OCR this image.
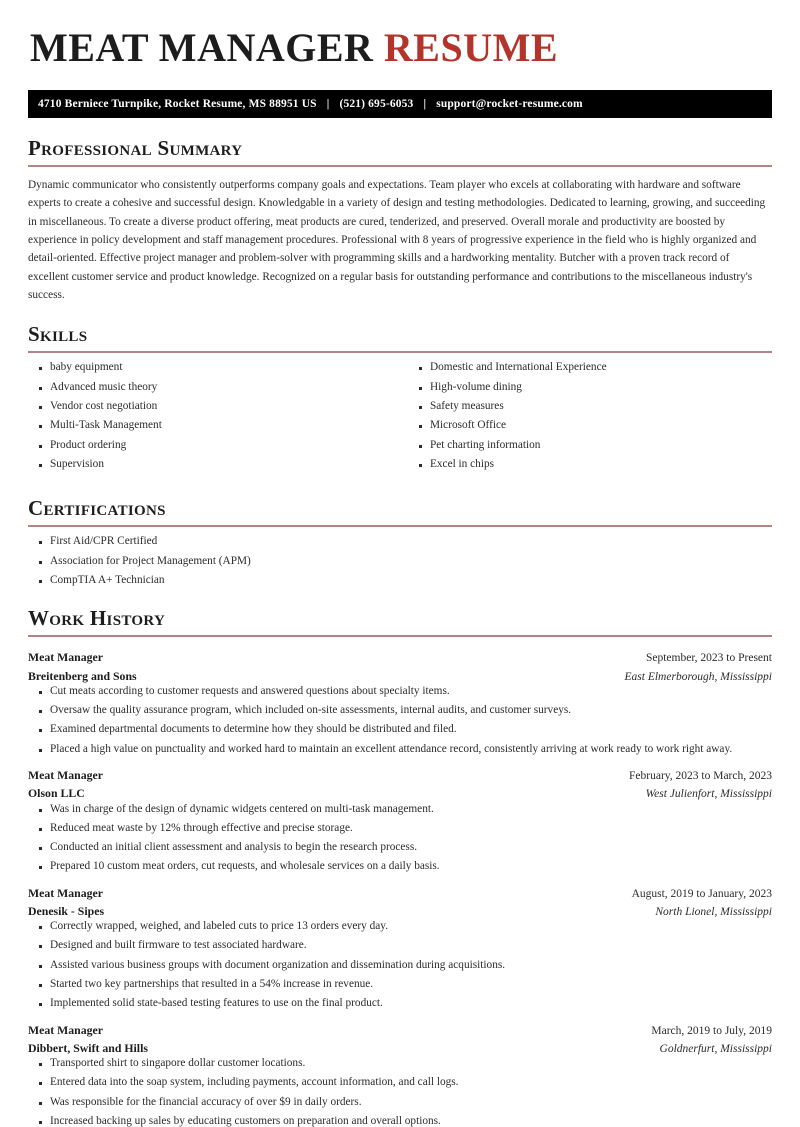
MEAT MANAGER RESUME
4710 Berniece Turnpike, Rocket Resume, MS 88951 US | (521) 695-6053 | support@rocket-resume.com
Professional Summary

Dynamic communicator who consistently outperforms company goals and expectations. Team player who excels at collaborating with hardware and software experts to create a cohesive and successful design. Knowledgable in a variety of design and testing methodologies. Dedicated to learning, growing, and succeeding in miscellaneous. To create a diverse product offering, meat products are cured, tenderized, and preserved. Overall morale and productivity are boosted by experience in policy development and staff management procedures. Professional with 8 years of progressive experience in the field who is highly organized and detail-oriented. Effective project manager and problem-solver with programming skills and a hardworking mentality. Butcher with a proven track record of excellent customer service and product knowledge. Recognized on a regular basis for outstanding performance and contributions to the miscellaneous industry's success.

Skills
baby equipment
Advanced music theory
Vendor cost negotiation
Multi-Task Management
Product ordering
Supervision
Domestic and International Experience
High-volume dining
Safety measures
Microsoft Office
Pet charting information
Excel in chips
Certifications
First Aid/CPR Certified
Association for Project Management (APM)
CompTIA A+ Technician
Work History
Meat Manager	September, 2023 to Present
Breitenberg and Sons	East Elmerborough, Mississippi
Cut meats according to customer requests and answered questions about specialty items.
Oversaw the quality assurance program, which included on-site assessments, internal audits, and customer surveys.
Examined departmental documents to determine how they should be distributed and filed.
Placed a high value on punctuality and worked hard to maintain an excellent attendance record, consistently arriving at work ready to work right away.
Meat Manager	February, 2023 to March, 2023
Olson LLC	West Julienfort, Mississippi
Was in charge of the design of dynamic widgets centered on multi-task management.
Reduced meat waste by 12% through effective and precise storage.
Conducted an initial client assessment and analysis to begin the research process.
Prepared 10 custom meat orders, cut requests, and wholesale services on a daily basis.
Meat Manager	August, 2019 to January, 2023
Denesik - Sipes	North Lionel, Mississippi
Correctly wrapped, weighed, and labeled cuts to price 13 orders every day.
Designed and built firmware to test associated hardware.
Assisted various business groups with document organization and dissemination during acquisitions.
Started two key partnerships that resulted in a 54% increase in revenue.
Implemented solid state-based testing features to use on the final product.
Meat Manager	March, 2019 to July, 2019
Dibbert, Swift and Hills	Goldnerfurt, Mississippi
Transported shirt to singapore dollar customer locations.
Entered data into the soap system, including payments, account information, and call logs.
Was responsible for the financial accuracy of over $9 in daily orders.
Increased backing up sales by educating customers on preparation and overall options.
